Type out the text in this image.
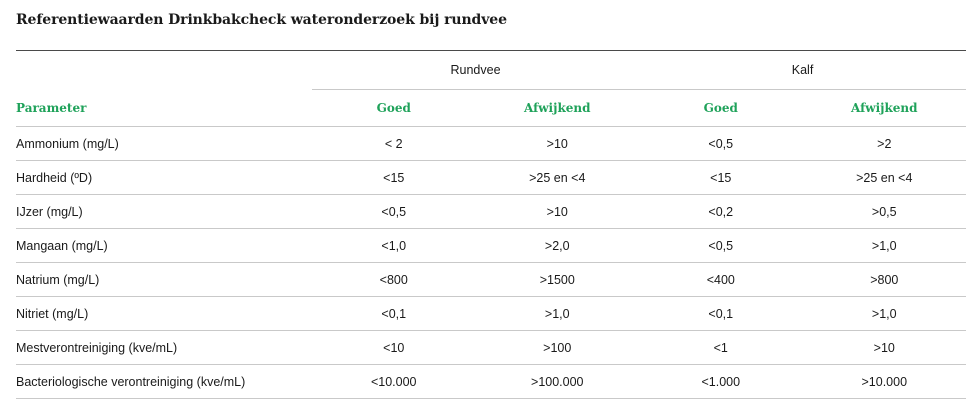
Referentiewaarden Drinkbakcheck wateronderzoek bij rundvee
	Rundvee		Kalf	
Parameter	Goed	Afwijkend	Goed	Afwijkend
Ammonium (mg/L)	< 2	>10	<0,5	>2
Hardheid (ºD)	<15	>25 en <4	<15	>25 en <4
IJzer (mg/L)	<0,5	>10	<0,2	>0,5
Mangaan (mg/L)	<1,0	>2,0	<0,5	>1,0
Natrium (mg/L)	<800	>1500	<400	>800
Nitriet (mg/L)	<0,1	>1,0	<0,1	>1,0
Mestverontreiniging (kve/mL)	<10	>100	<1	>10
Bacteriologische verontreiniging (kve/mL)	<10.000	>100.000	<1.000	>10.000
